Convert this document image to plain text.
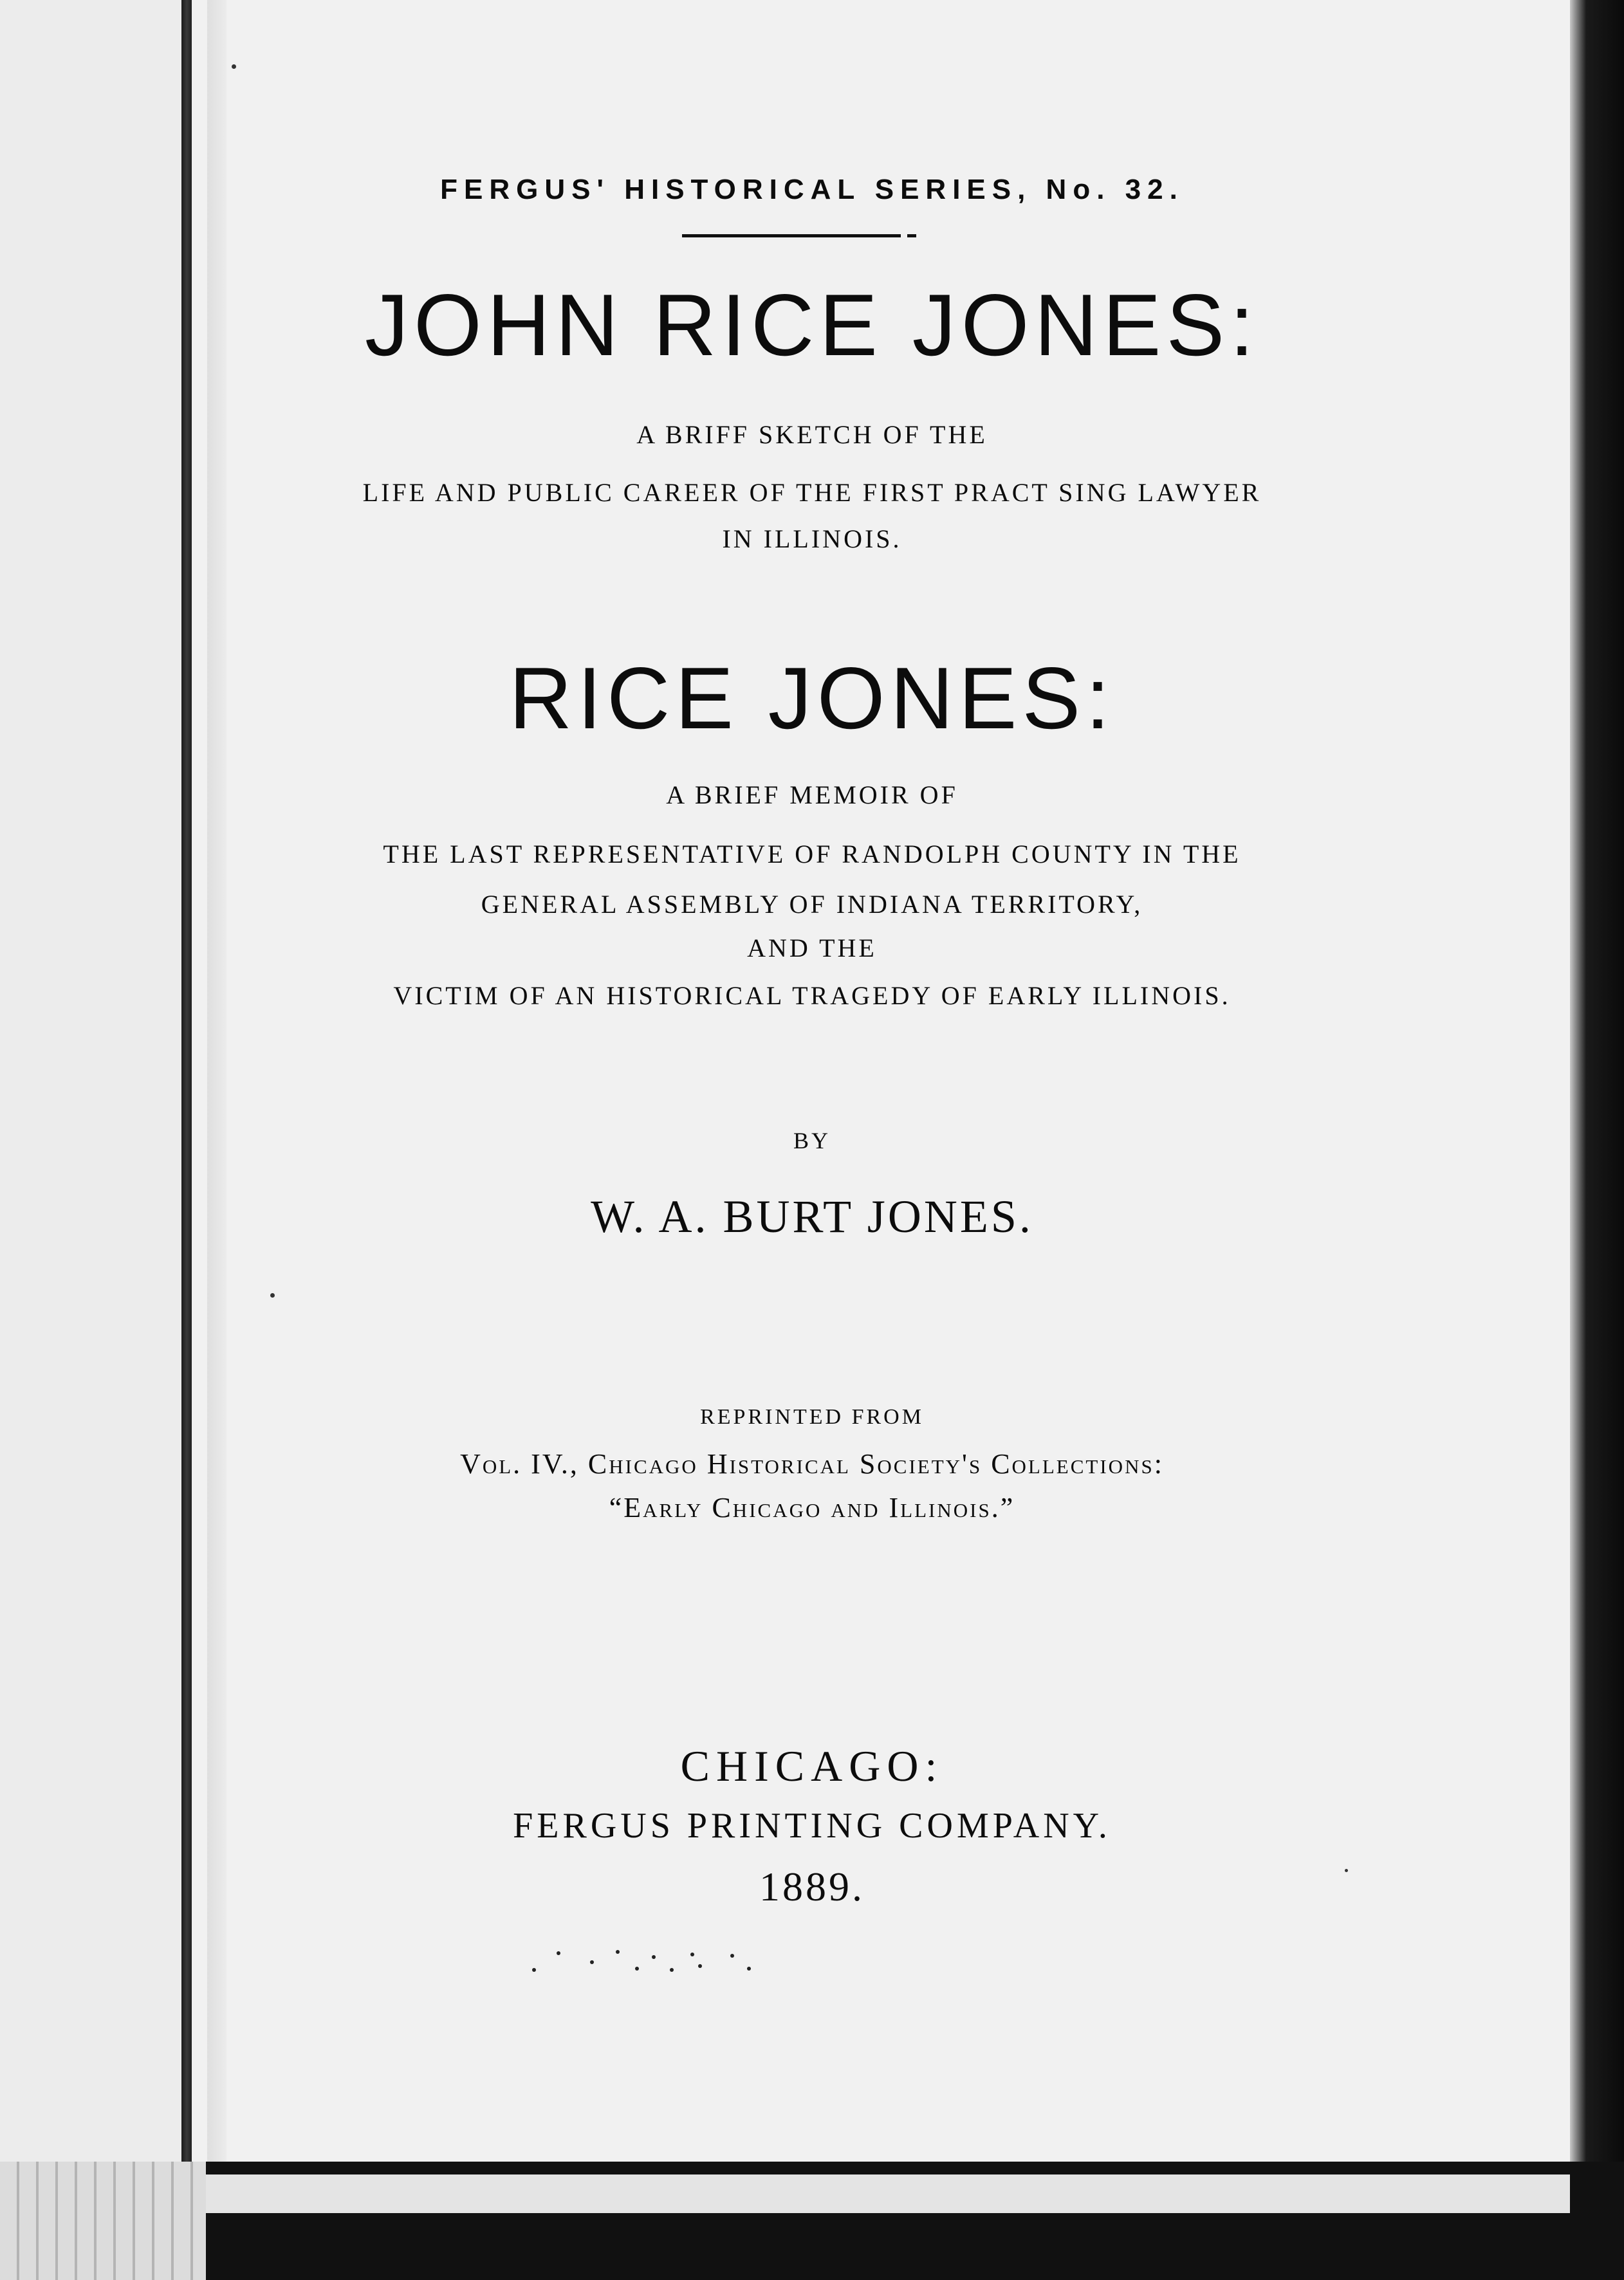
FERGUS' HISTORICAL SERIES, No. 32.
JOHN RICE JONES:
A BRIFF SKETCH OF THE
LIFE AND PUBLIC CAREER OF THE FIRST PRACT SING LAWYER
IN ILLINOIS.
RICE JONES:
A BRIEF MEMOIR OF
THE LAST REPRESENTATIVE OF RANDOLPH COUNTY IN THE
GENERAL ASSEMBLY OF INDIANA TERRITORY,
AND THE
VICTIM OF AN HISTORICAL TRAGEDY OF EARLY ILLINOIS.
BY
W. A. BURT JONES.
REPRINTED FROM
Vol. IV., Chicago Historical Society's Collections:
“Early Chicago and Illinois.”
CHICAGO:
FERGUS PRINTING COMPANY.
1889.
